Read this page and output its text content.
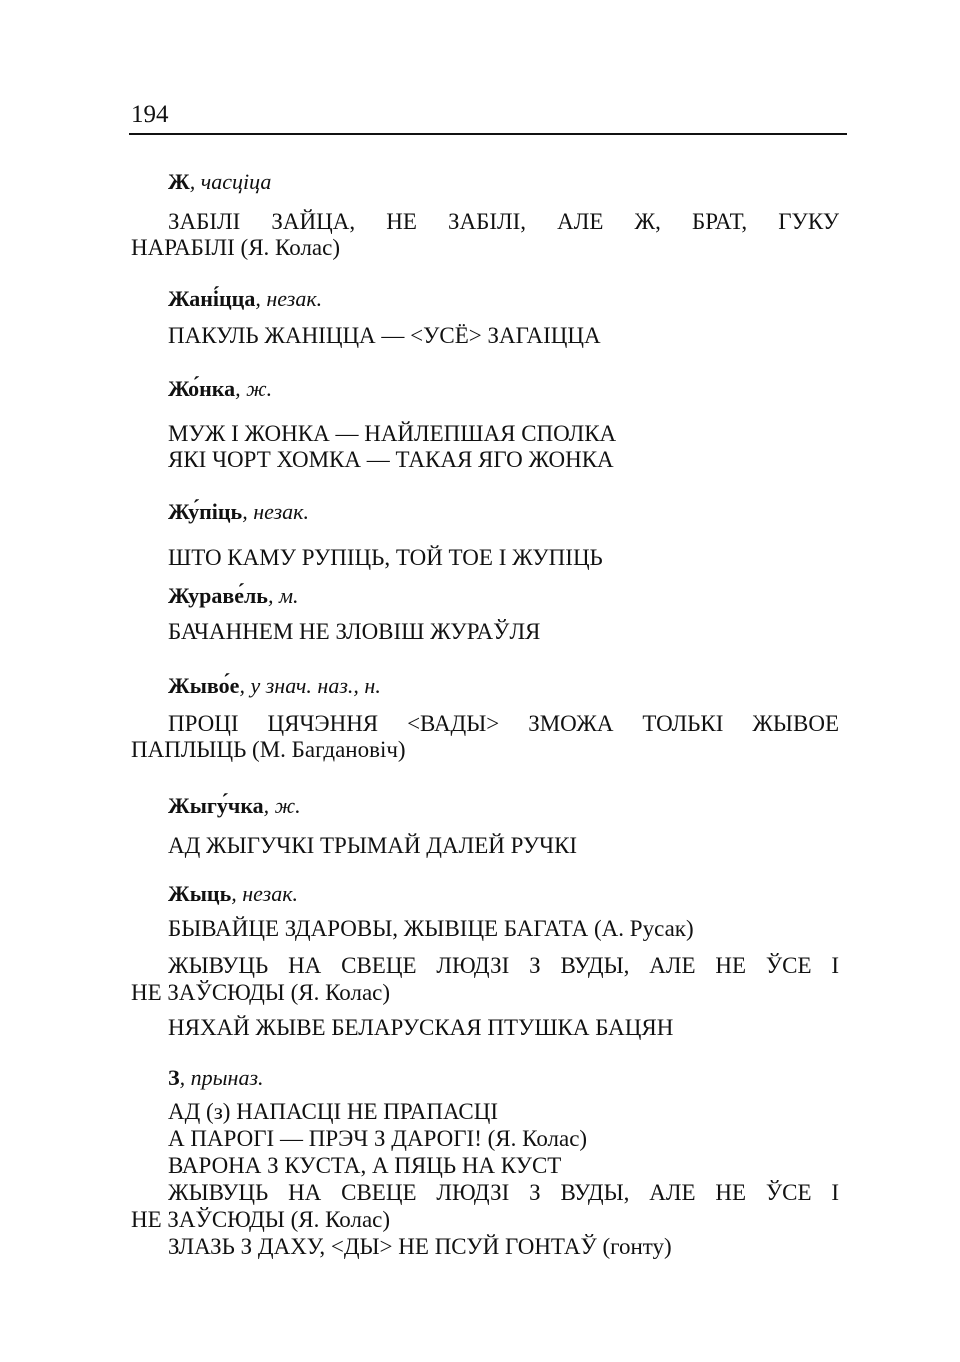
194
Ж, часціца
ЗАБІЛІ ЗАЙЦА, НЕ ЗАБІЛІ, АЛЕ Ж, БРАТ, ГУКУ
НАРАБІЛІ (Я. Колас)
Жані́цца, незак.
ПАКУЛЬ ЖАНІЦЦА — <УСЁ> ЗАГАІЦЦА
Жо́нка, ж.
МУЖ І ЖОНКА — НАЙЛЕПШАЯ СПОЛКА
ЯКІ ЧОРТ ХОМКА — ТАКАЯ ЯГО ЖОНКА
Жу́піць, незак.
ШТО КАМУ РУПІЦЬ, ТОЙ ТОЕ І ЖУПІЦЬ
Жураве́ль, м.
БАЧАННЕМ НЕ ЗЛОВІШ ЖУРАЎЛЯ
Жыво́е, у знач. наз., н.
ПРОЦІ ЦЯЧЭННЯ <ВАДЫ> ЗМОЖА ТОЛЬКІ ЖЫВОЕ
ПАПЛЫЦЬ (М. Багдановіч)
Жыгу́чка, ж.
АД ЖЫГУЧКІ ТРЫМАЙ ДАЛЕЙ РУЧКІ
Жыць, незак.
БЫВАЙЦЕ ЗДАРОВЫ, ЖЫВІЦЕ БАГАТА (А. Русак)
ЖЫВУЦЬ НА СВЕЦЕ ЛЮДЗІ З ВУДЫ, АЛЕ НЕ ЎСЕ І
НЕ ЗАЎСЮДЫ (Я. Колас)
НЯХАЙ ЖЫВЕ БЕЛАРУСКАЯ ПТУШКА БАЦЯН
З, прыназ.
АД (з) НАПАСЦІ НЕ ПРАПАСЦІ
А ПАРОГІ — ПРЭЧ З ДАРОГІ! (Я. Колас)
ВАРОНА З КУСТА, А ПЯЦЬ НА КУСТ
ЖЫВУЦЬ НА СВЕЦЕ ЛЮДЗІ З ВУДЫ, АЛЕ НЕ ЎСЕ І
НЕ ЗАЎСЮДЫ (Я. Колас)
ЗЛАЗЬ З ДАХУ, <ДЫ> НЕ ПСУЙ ГОНТАЎ (гонту)
